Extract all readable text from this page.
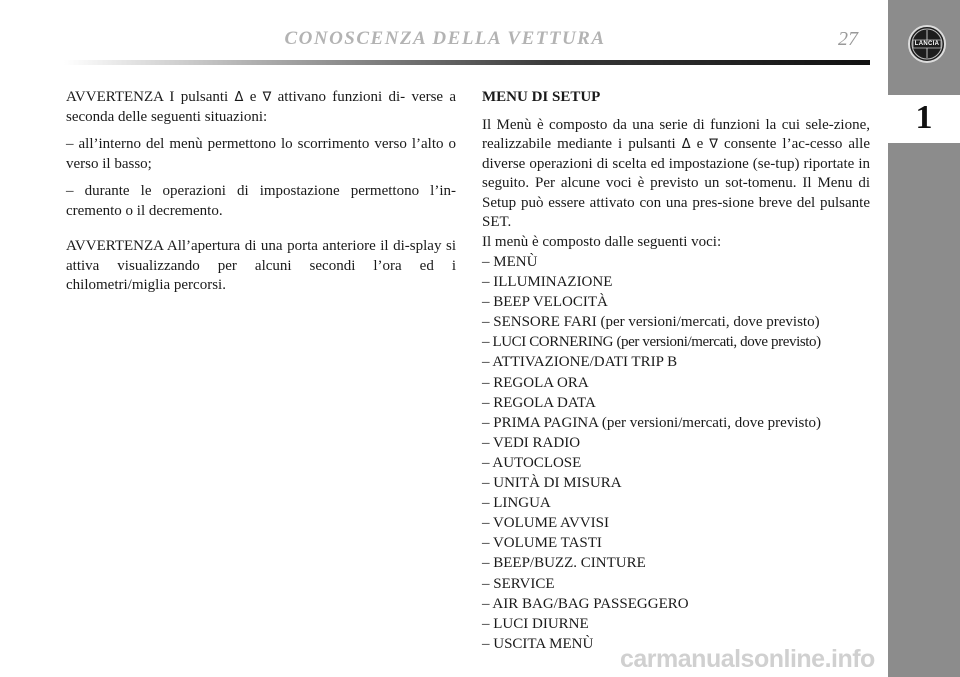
CONOSCENZA DELLA VETTURA	27	LANCIA
1

AVVERTENZA I pulsanti Δ e ∇ attivano funzioni di- verse a seconda delle seguenti situazioni:

– all’interno del menù permettono lo scorrimento verso l’alto o verso il basso;

– durante le operazioni di impostazione permettono l’in-cremento o il decremento.

AVVERTENZA All’apertura di una porta anteriore il di-splay si attiva visualizzando per alcuni secondi l’ora ed i chilometri/miglia percorsi.

MENU DI SETUP

Il Menù è composto da una serie di funzioni la cui sele-zione, realizzabile mediante i pulsanti Δ e ∇ consente l’ac-cesso alle diverse operazioni di scelta ed impostazione (se-tup) riportate in seguito. Per alcune voci è previsto un sot-tomenu. Il Menu di Setup può essere attivato con una pres-sione breve del pulsante SET.

Il menù è composto dalle seguenti voci:

– MENÙ
– ILLUMINAZIONE
– BEEP VELOCITÀ
– SENSORE FARI (per versioni/mercati, dove previsto)
– LUCI CORNERING (per versioni/mercati, dove previsto)
– ATTIVAZIONE/DATI TRIP B
– REGOLA ORA
– REGOLA DATA
– PRIMA PAGINA (per versioni/mercati, dove previsto)
– VEDI RADIO
– AUTOCLOSE
– UNITÀ DI MISURA
– LINGUA
– VOLUME AVVISI
– VOLUME TASTI
– BEEP/BUZZ. CINTURE
– SERVICE
– AIR BAG/BAG PASSEGGERO
– LUCI DIURNE
– USCITA MENÙ
carmanualsonline.info
